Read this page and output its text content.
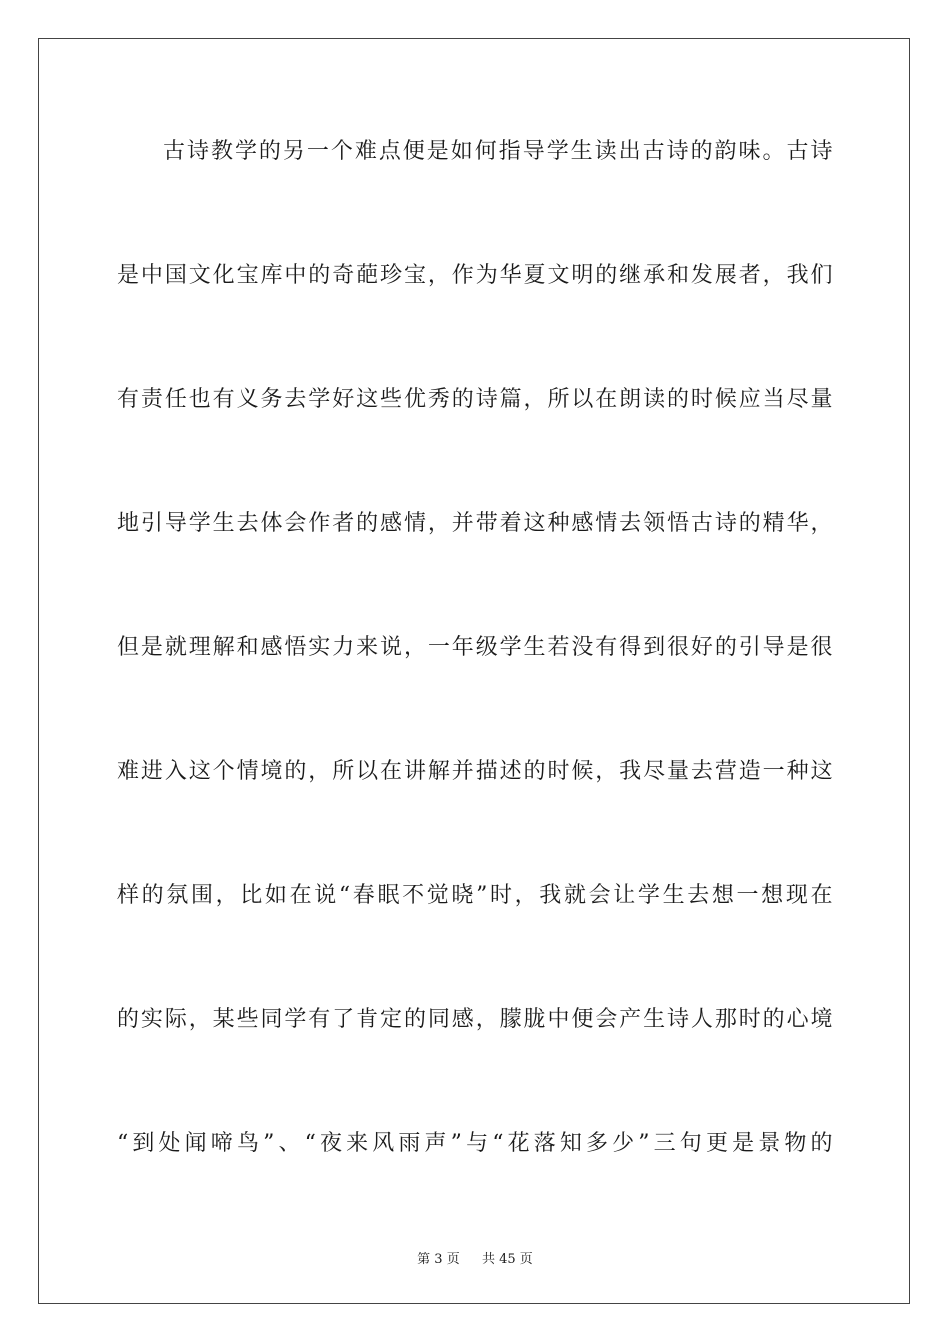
古诗教学的另一个难点便是如何指导学生读出古诗的韵味。古诗
是中国文化宝库中的奇葩珍宝，作为华夏文明的继承和发展者，我们
有责任也有义务去学好这些优秀的诗篇，所以在朗读的时候应当尽量
地引导学生去体会作者的感情，并带着这种感情去领悟古诗的精华，
但是就理解和感悟实力来说，一年级学生若没有得到很好的引导是很
难进入这个情境的，所以在讲解并描述的时候，我尽量去营造一种这
样的氛围，比如在说“春眠不觉晓”时，我就会让学生去想一想现在
的实际，某些同学有了肯定的同感，朦胧中便会产生诗人那时的心境
“到处闻啼鸟”、“夜来风雨声”与“花落知多少”三句更是景物的
第 3 页 共 45 页
